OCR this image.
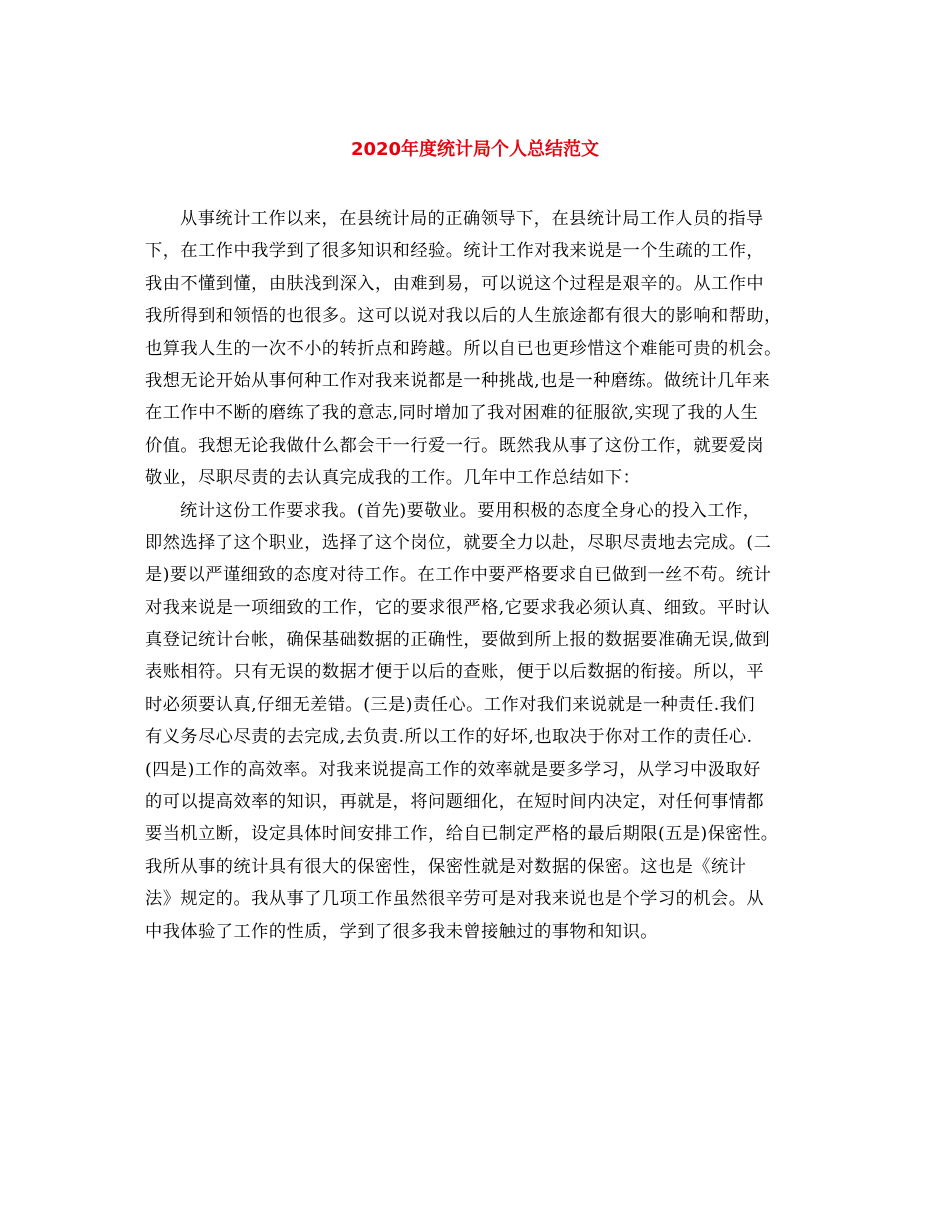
2020年度统计局个人总结范文
从事统计工作以来，在县统计局的正确领导下，在县统计局工作人员的指导
下，在工作中我学到了很多知识和经验。统计工作对我来说是一个生疏的工作，
我由不懂到懂，由肤浅到深入，由难到易，可以说这个过程是艰辛的。从工作中
我所得到和领悟的也很多。这可以说对我以后的人生旅途都有很大的影响和帮助，
也算我人生的一次不小的转折点和跨越。所以自已也更珍惜这个难能可贵的机会。
我想无论开始从事何种工作对我来说都是一种挑战,也是一种磨练。做统计几年来
在工作中不断的磨练了我的意志,同时增加了我对困难的征服欲,实现了我的人生
价值。我想无论我做什么都会干一行爱一行。既然我从事了这份工作，就要爱岗
敬业，尽职尽责的去认真完成我的工作。几年中工作总结如下：
统计这份工作要求我。(首先)要敬业。要用积极的态度全身心的投入工作，
即然选择了这个职业，选择了这个岗位，就要全力以赴，尽职尽责地去完成。(二
是)要以严谨细致的态度对待工作。在工作中要严格要求自已做到一丝不苟。统计
对我来说是一项细致的工作，它的要求很严格,它要求我必须认真、细致。平时认
真登记统计台帐，确保基础数据的正确性，要做到所上报的数据要准确无误,做到
表账相符。只有无误的数据才便于以后的查账，便于以后数据的衔接。所以，平
时必须要认真,仔细无差错。(三是)责任心。工作对我们来说就是一种责任.我们
有义务尽心尽责的去完成,去负责.所以工作的好坏,也取决于你对工作的责任心.
(四是)工作的高效率。对我来说提高工作的效率就是要多学习，从学习中汲取好
的可以提高效率的知识，再就是，将问题细化，在短时间内决定，对任何事情都
要当机立断，设定具体时间安排工作，给自已制定严格的最后期限(五是)保密性。
我所从事的统计具有很大的保密性，保密性就是对数据的保密。这也是《统计
法》规定的。我从事了几项工作虽然很辛劳可是对我来说也是个学习的机会。从
中我体验了工作的性质，学到了很多我未曾接触过的事物和知识。
